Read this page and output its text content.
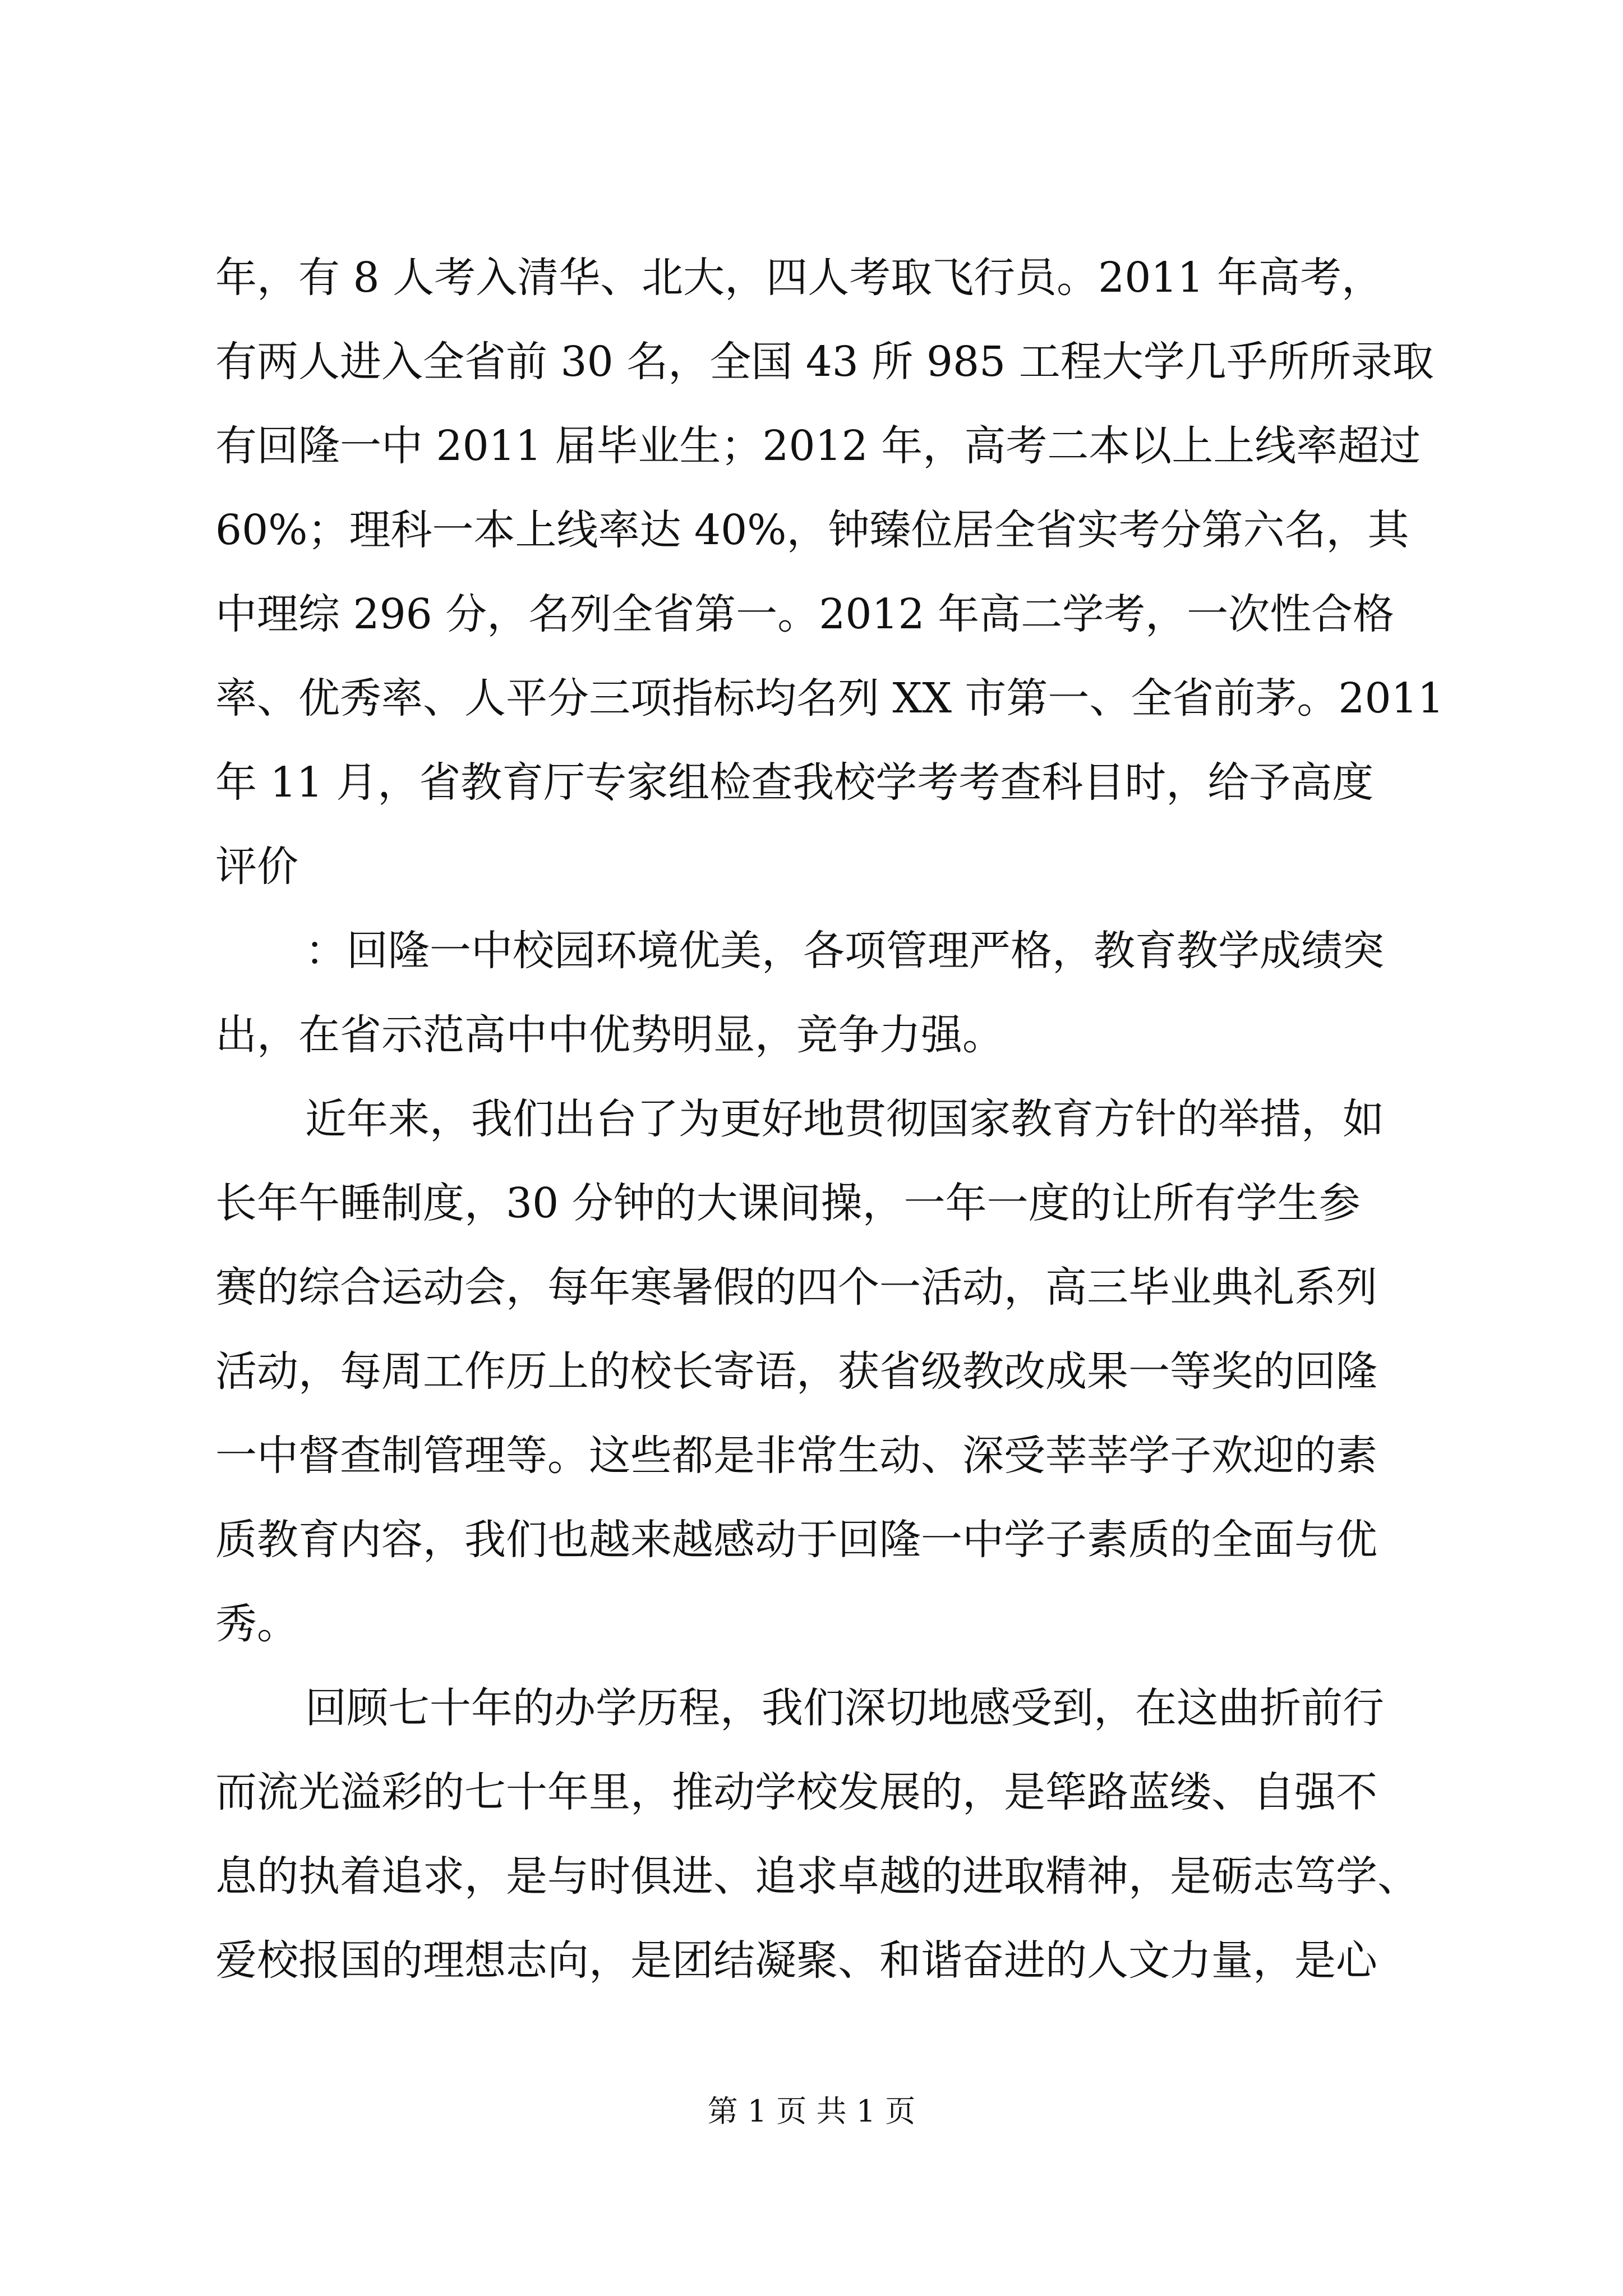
年，有 8 人考入清华、北大，四人考取飞行员。2011 年高考，
有两人进入全省前 30 名，全国 43 所 985 工程大学几乎所所录取
有回隆一中 2011 届毕业生；2012 年，高考二本以上上线率超过
60%；理科一本上线率达 40%，钟臻位居全省实考分第六名，其
中理综 296 分，名列全省第一。2012 年高二学考，一次性合格
率、优秀率、人平分三项指标均名列 XX 市第一、全省前茅。2011
年 11 月，省教育厅专家组检查我校学考考查科目时，给予高度
评价
：回隆一中校园环境优美，各项管理严格，教育教学成绩突
出，在省示范高中中优势明显，竞争力强。
近年来，我们出台了为更好地贯彻国家教育方针的举措，如
长年午睡制度，30 分钟的大课间操，一年一度的让所有学生参
赛的综合运动会，每年寒暑假的四个一活动，高三毕业典礼系列
活动，每周工作历上的校长寄语，获省级教改成果一等奖的回隆
一中督查制管理等。这些都是非常生动、深受莘莘学子欢迎的素
质教育内容，我们也越来越感动于回隆一中学子素质的全面与优
秀。
回顾七十年的办学历程，我们深切地感受到，在这曲折前行
而流光溢彩的七十年里，推动学校发展的，是筚路蓝缕、自强不
息的执着追求，是与时俱进、追求卓越的进取精神，是砺志笃学、
爱校报国的理想志向，是团结凝聚、和谐奋进的人文力量，是心
第 1 页 共 1 页
